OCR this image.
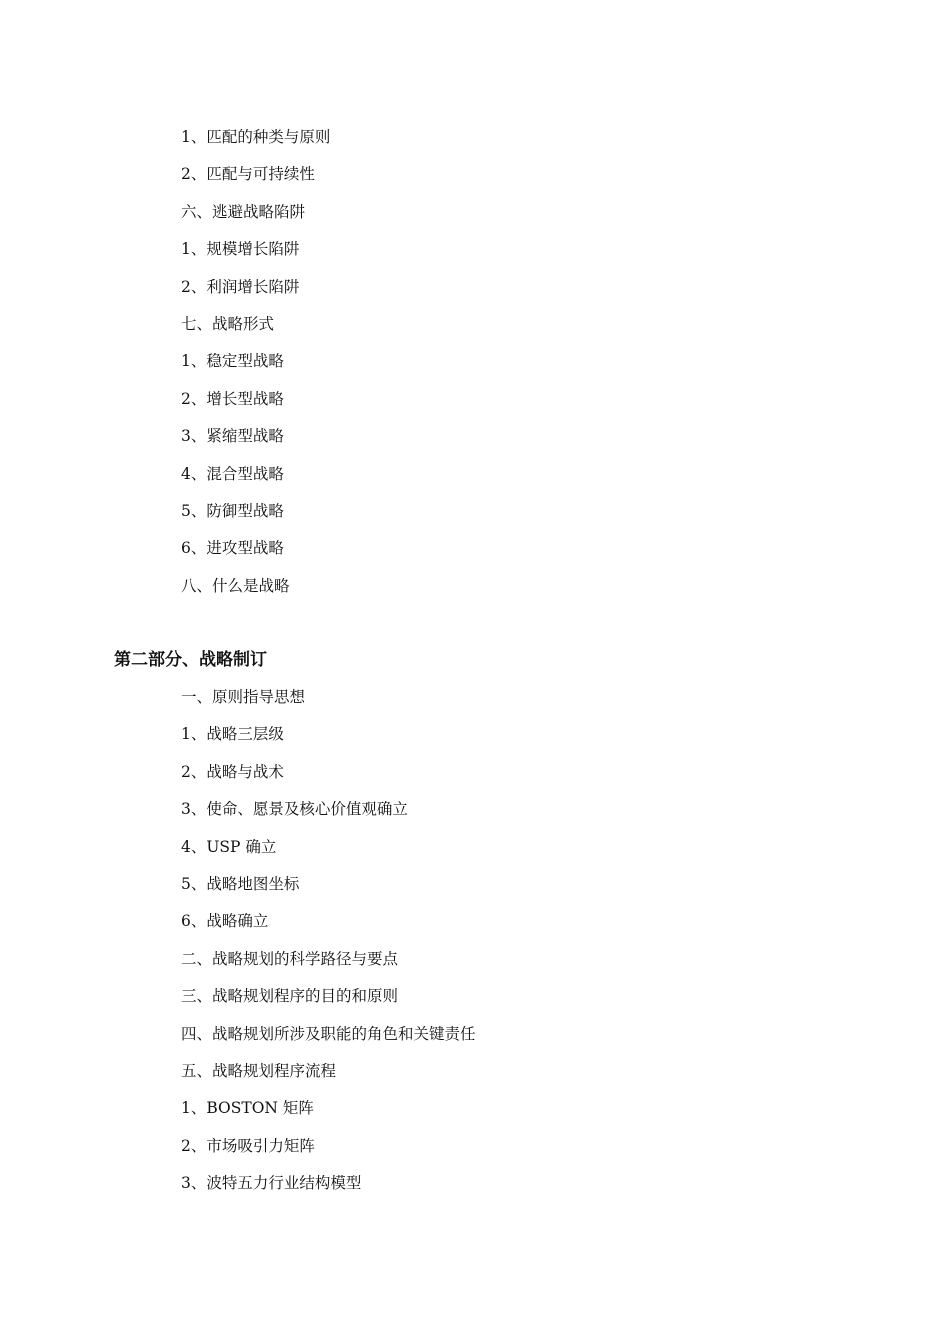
1、匹配的种类与原则
2、匹配与可持续性
六、逃避战略陷阱
1、规模增长陷阱
2、利润增长陷阱
七、战略形式
1、稳定型战略
2、增长型战略
3、紧缩型战略
4、混合型战略
5、防御型战略
6、进攻型战略
八、什么是战略
第二部分、战略制订
一、原则指导思想
1、战略三层级
2、战略与战术
3、使命、愿景及核心价值观确立
4、USP 确立
5、战略地图坐标
6、战略确立
二、战略规划的科学路径与要点
三、战略规划程序的目的和原则
四、战略规划所涉及职能的角色和关键责任
五、战略规划程序流程
1、BOSTON 矩阵
2、市场吸引力矩阵
3、波特五力行业结构模型
